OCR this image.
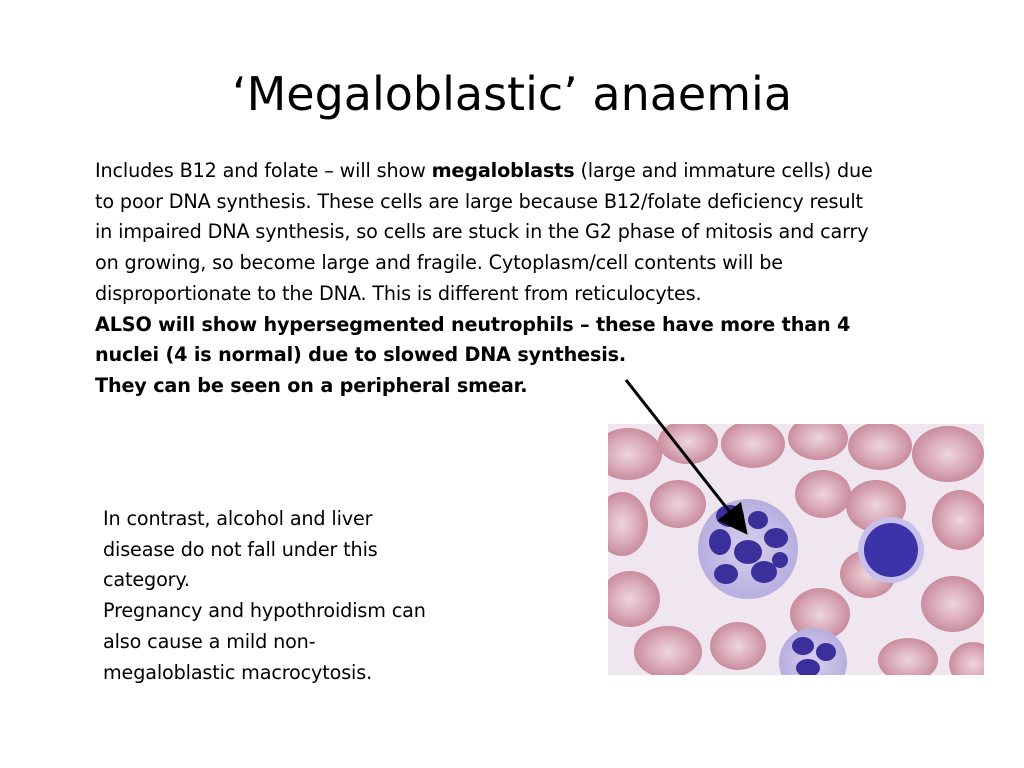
‘Megaloblastic’ anaemia

Includes B12 and folate – will show megaloblasts (large and immature cells) due to poor DNA synthesis. These cells are large because B12/folate deficiency result in impaired DNA synthesis, so cells are stuck in the G2 phase of mitosis and carry on growing, so become large and fragile. Cytoplasm/cell contents will be disproportionate to the DNA. This is different from reticulocytes.

ALSO will show hypersegmented neutrophils – these have more than 4 nuclei (4 is normal) due to slowed DNA synthesis.

They can be seen on a peripheral smear.

In contrast, alcohol and liver disease do not fall under this category.

Pregnancy and hypothroidism can also cause a mild non-megaloblastic macrocytosis.
